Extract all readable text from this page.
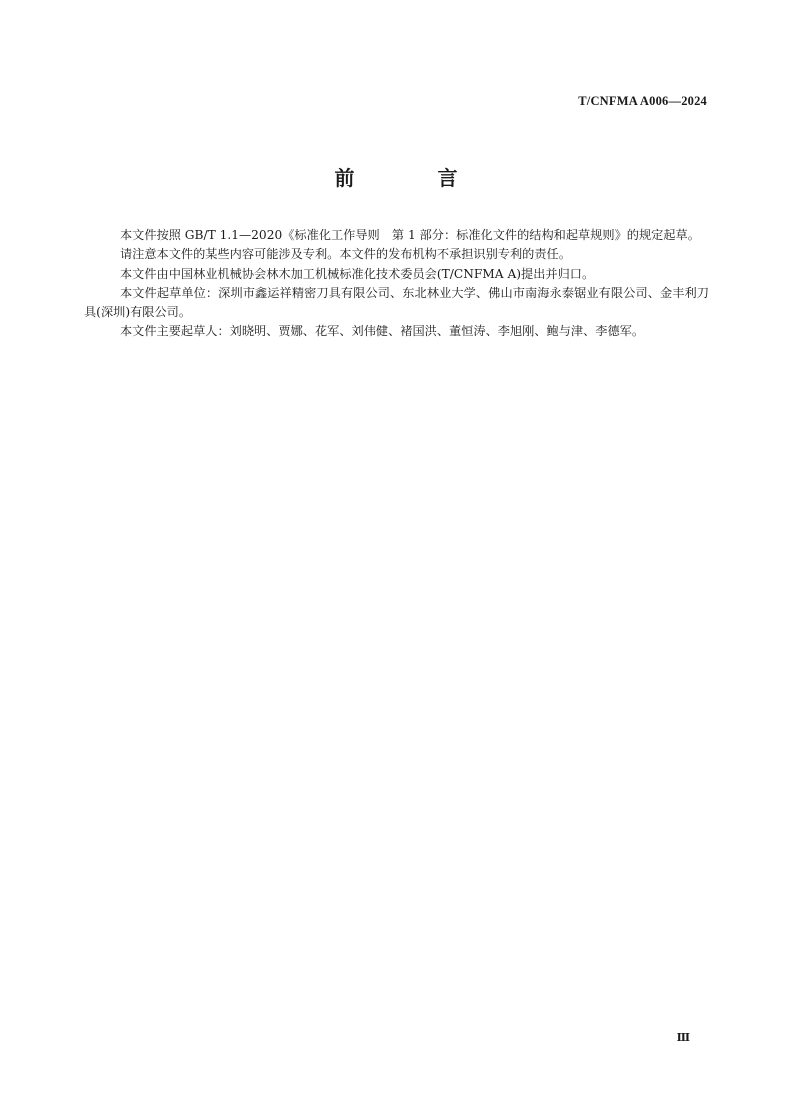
T/CNFMA A006—2024
前 言

本文件按照 GB/T 1.1—2020《标准化工作导则　第 1 部分：标准化文件的结构和起草规则》的规定起草。

请注意本文件的某些内容可能涉及专利。本文件的发布机构不承担识别专利的责任。

本文件由中国林业机械协会林木加工机械标准化技术委员会(T/CNFMA A)提出并归口。

本文件起草单位：深圳市鑫运祥精密刀具有限公司、东北林业大学、佛山市南海永泰锯业有限公司、金丰利刀具(深圳)有限公司。

本文件主要起草人：刘晓明、贾娜、花军、刘伟健、褚国洪、董恒涛、李旭刚、鲍与津、李德军。

Ⅲ
